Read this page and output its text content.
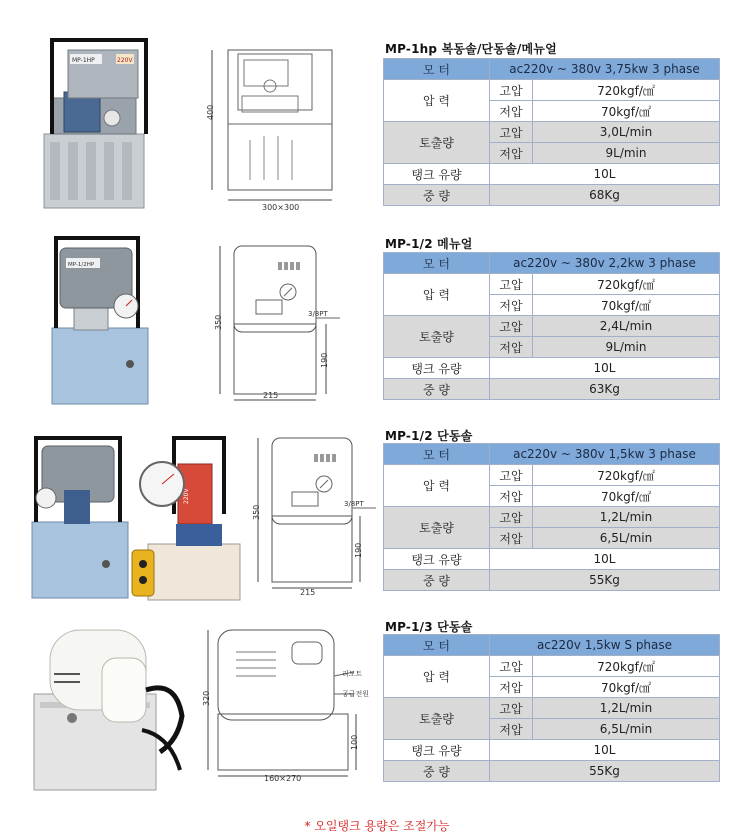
MP-1HP	220V
400
300×300
MP-1hp 복동솔/단동솔/메뉴얼
모 터	ac220v ~ 380v 3,75kw 3 phase	
압 력	고압	720kgf/㎠
	저압	70kgf/㎠
토출량	고압	3,0L/min
	저압	9L/min
탱크 유량	10L	
중 량	68Kg	
MP-1/2HP
3/8PT
350
190
215
MP-1/2 메뉴얼
모 터	ac220v ~ 380v 2,2kw 3 phase	
압 력	고압	720kgf/㎠
	저압	70kgf/㎠
토출량	고압	2,4L/min
	저압	9L/min
탱크 유량	10L	
중 량	63Kg	
220V	3/8PT
350
190
215
MP-1/2 단동솔
모 터	ac220v ~ 380v 1,5kw 3 phase	
압 력	고압	720kgf/㎠
	저압	70kgf/㎠
토출량	고압	1,2L/min
	저압	6,5L/min
탱크 유량	10L	
중 량	55Kg	
리모트
공급전원
320
100
160×270
MP-1/3 단동솔
모 터	ac220v 1,5kw S phase	
압 력	고압	720kgf/㎠
	저압	70kgf/㎠
토출량	고압	1,2L/min
	저압	6,5L/min
탱크 유량	10L	
중 량	55Kg	
* 오일탱크 용량은 조절가능
